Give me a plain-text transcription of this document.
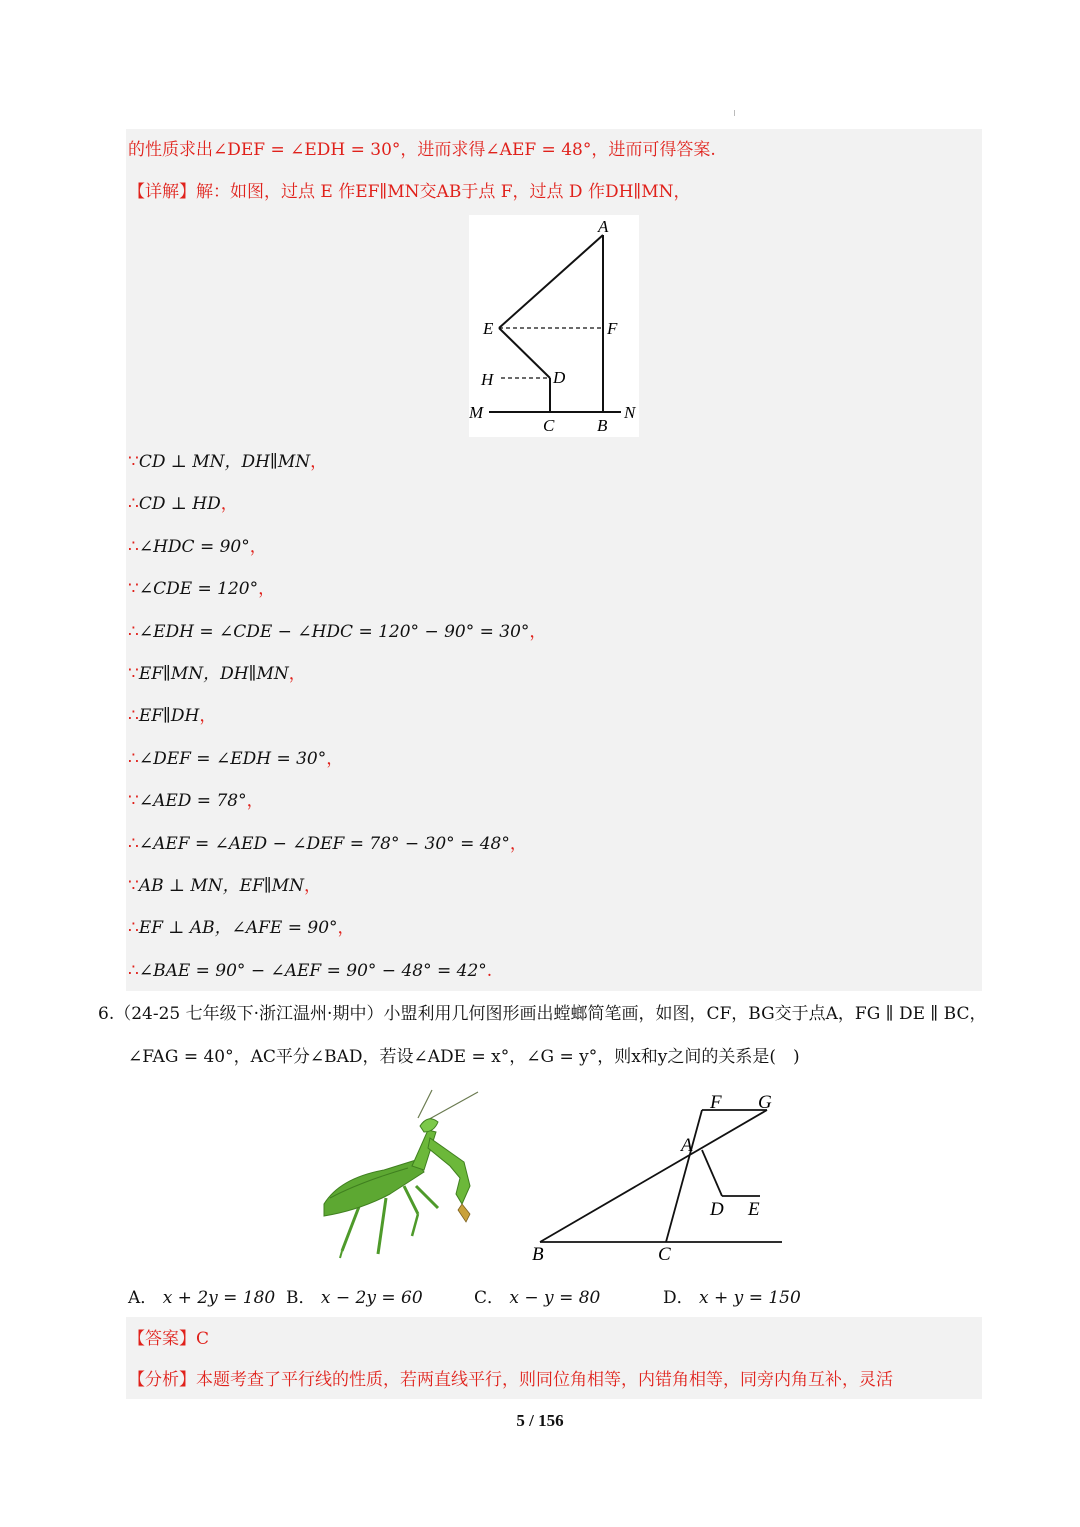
的性质求出∠DEF = ∠EDH = 30°，进而求得∠AEF = 48°，进而可得答案.
【详解】解：如图，过点 E 作EF∥MN交AB于点 F，过点 D 作DH∥MN，
A
E	F
H	D
M
C	B
N
∵CD ⊥ MN，DH∥MN，
∴CD ⊥ HD，
∴∠HDC = 90°，
∵∠CDE = 120°，
∴∠EDH = ∠CDE − ∠HDC = 120° − 90° = 30°，
∵EF∥MN，DH∥MN，
∴EF∥DH，
∴∠DEF = ∠EDH = 30°，
∵∠AED = 78°，
∴∠AEF = ∠AED − ∠DEF = 78° − 30° = 48°，
∵AB ⊥ MN，EF∥MN，
∴EF ⊥ AB，∠AFE = 90°，
∴∠BAE = 90° − ∠AEF = 90° − 48° = 42°.
6.（24-25 七年级下·浙江温州·期中）小盟利用几何图形画出螳螂简笔画，如图，CF，BG交于点A，FG ∥ DE ∥ BC，
∠FAG = 40°，AC平分∠BAD，若设∠ADE = x°，∠G = y°，则x和y之间的关系是(　)
F G
A
D E
B	C
A． x + 2y = 180 B． x − 2y = 60	C． x − y = 80	D． x + y = 150
【答案】C
【分析】本题考查了平行线的性质，若两直线平行，则同位角相等，内错角相等，同旁内角互补，灵活
5 / 156
